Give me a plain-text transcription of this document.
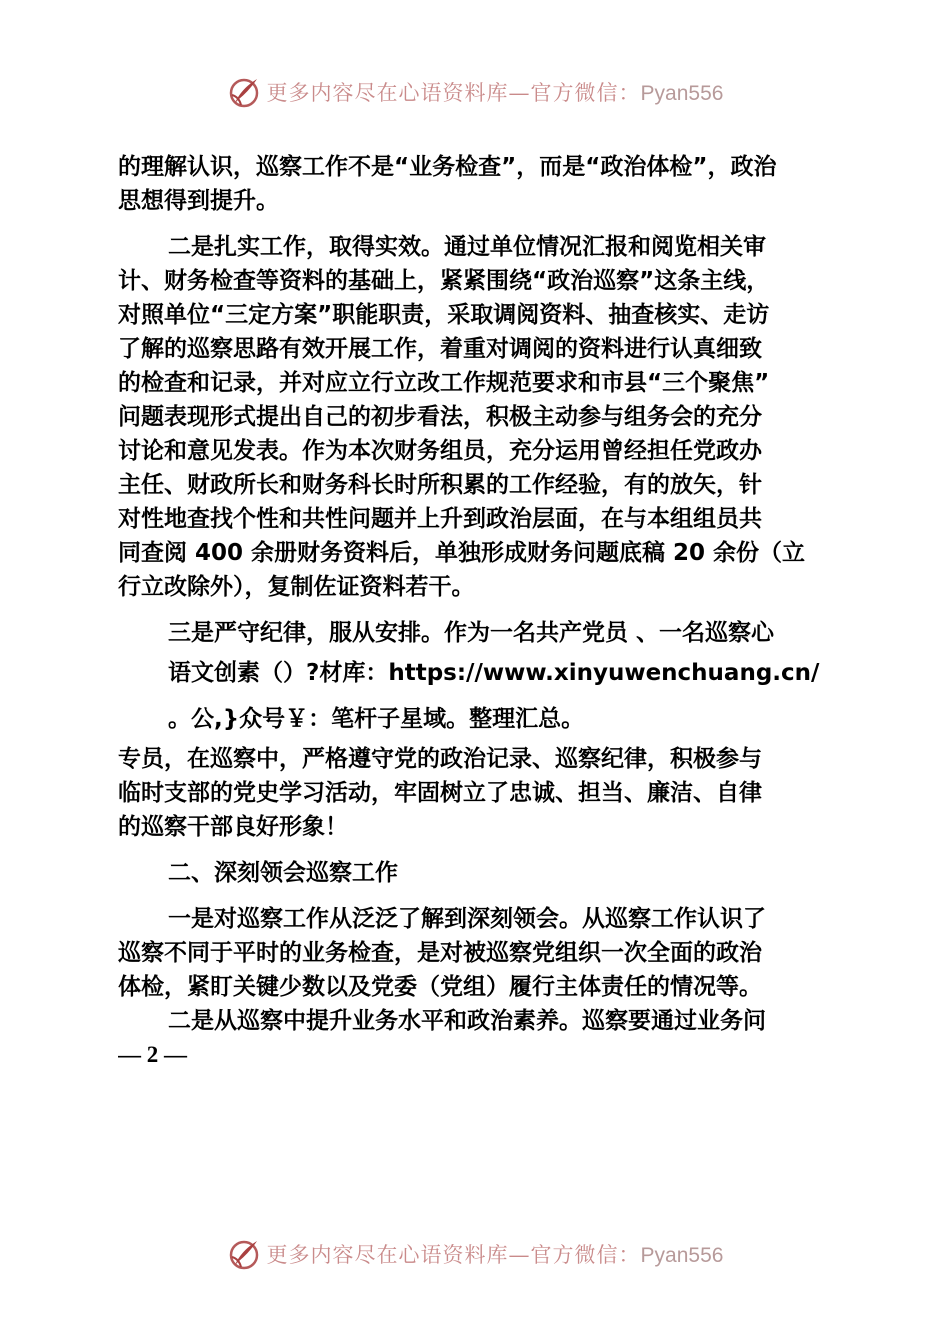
更多内容尽在心语资料库—官方微信：Pyan556
的理解认识，巡察工作不是“业务检查”，而是“政治体检”，政治
思想得到提升。
二是扎实工作，取得实效。通过单位情况汇报和阅览相关审
计、财务检查等资料的基础上，紧紧围绕“政治巡察”这条主线，
对照单位“三定方案”职能职责，采取调阅资料、抽查核实、走访
了解的巡察思路有效开展工作，着重对调阅的资料进行认真细致
的检查和记录，并对应立行立改工作规范要求和市县“三个聚焦”
问题表现形式提出自己的初步看法，积极主动参与组务会的充分
讨论和意见发表。作为本次财务组员，充分运用曾经担任党政办
主任、财政所长和财务科长时所积累的工作经验，有的放矢，针
对性地查找个性和共性问题并上升到政治层面，在与本组组员共
同查阅 400 余册财务资料后，单独形成财务问题底稿 20 余份（立
行立改除外），复制佐证资料若干。
三是严守纪律，服从安排。作为一名共产党员 、一名巡察心
语文创素（）?材库：https://www.xinyuwenchuang.cn/
。公,}众号￥：笔杆子星域。整理汇总。
专员，在巡察中，严格遵守党的政治记录、巡察纪律，积极参与
临时支部的党史学习活动，牢固树立了忠诚、担当、廉洁、自律
的巡察干部良好形象！
二、深刻领会巡察工作
一是对巡察工作从泛泛了解到深刻领会。从巡察工作认识了
巡察不同于平时的业务检查，是对被巡察党组织一次全面的政治
体检，紧盯关键少数以及党委（党组）履行主体责任的情况等。
二是从巡察中提升业务水平和政治素养。巡察要通过业务问
— 2 —
更多内容尽在心语资料库—官方微信：Pyan556
